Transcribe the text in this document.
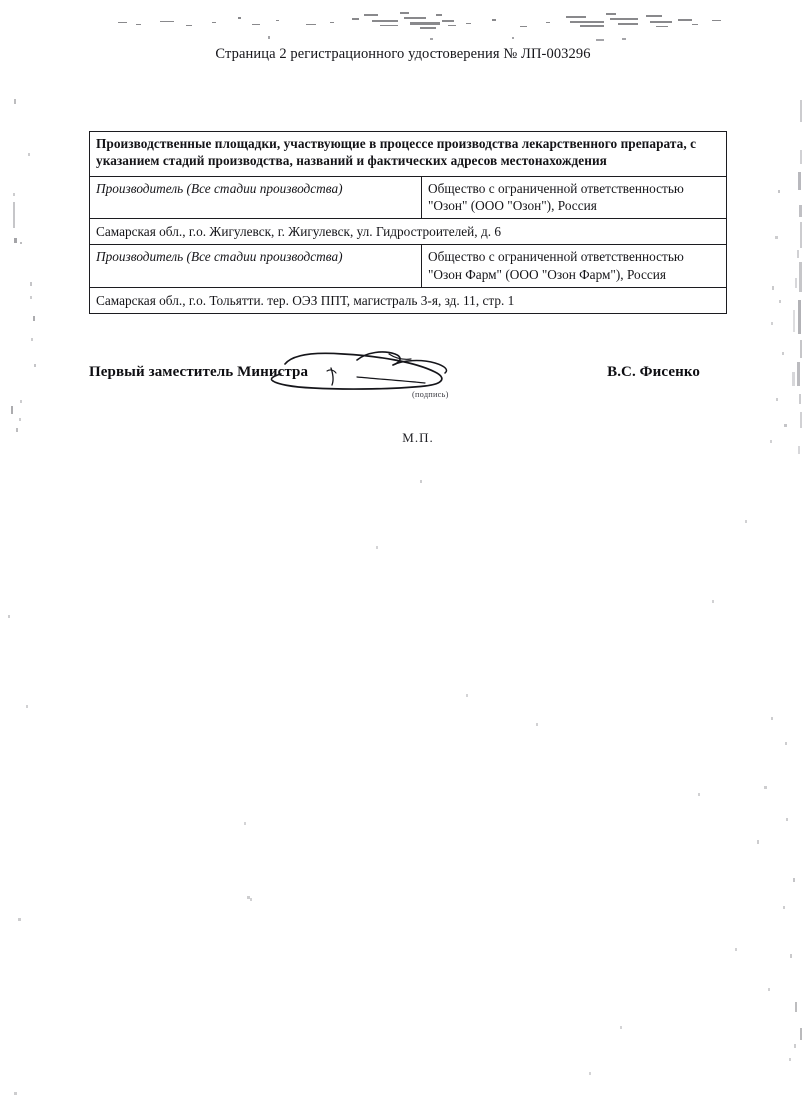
Страница 2 регистрационного удостоверения № ЛП-003296
Производственные площадки, участвующие в процессе производства лекарственного препарата, с указанием стадий производства, названий и фактических адресов местонахождения	
Производитель (Все стадии производства)	Общество с ограниченной ответственностью "Озон" (ООО "Озон"), Россия
Самарская обл., г.о. Жигулевск, г. Жигулевск, ул. Гидростроителей, д. 6	
Производитель (Все стадии производства)	Общество с ограниченной ответственностью "Озон Фарм" (ООО "Озон Фарм"), Россия
Самарская обл., г.о. Тольятти. тер. ОЭЗ ППТ, магистраль 3-я, зд. 11, стр. 1	
Первый заместитель Министра
(подпись)
В.С. Фисенко
М.П.
